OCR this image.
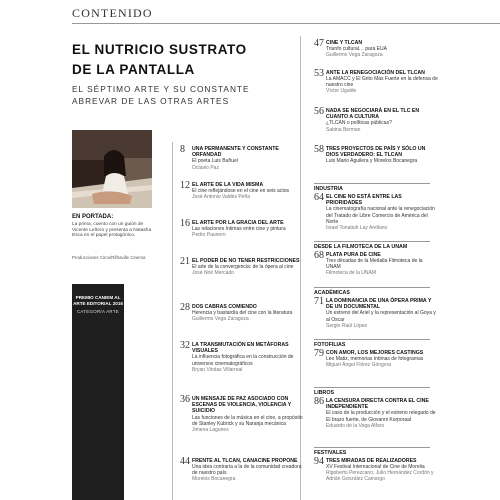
CONTENIDO
EL NUTRICIO SUSTRATO
DE LA PANTALLA
EL SÉPTIMO ARTE Y SU CONSTANTE
ABREVAR DE LAS OTRAS ARTES
EN PORTADA:
La prima, cuento con un guión de Vicente Leñero y presenta a Natasha Esca en el papel protagónico.
Producciones Circe/Rifhaville Cinema
PREMIO CANIEM AL ARTE EDITORIAL 2016
CATEGORÍA ARTE
8 UNA PERMANENTE Y CONSTANTE ORFANDAD
El poeta Luis Buñuel
Octavio Paz
12 EL ARTE DE LA VIDA MISMA
El cine reflejándose en el cine en seis actos
José Antonio Valdés Peña
16 EL ARTE POR LA GRACIA DEL ARTE
Las relaciones íntimas entre cine y pintura
Pedro Paunero
21 EL PODER DE NO TENER RESTRICCIONES
El arte de la convergencia: de la ópera al cine
José Noé Mercado
28 DOS CABRAS COMIENDO
Herencia y bastardía del cine con la literatura
Guillermo Vega Zaragoza
32 LA TRANSMUTACIÓN EN METÁFORAS VISUALES
La influencia fotográfica en la construcción de universos cinematográficos
Bryan Vindas Villarreal
36 UN MENSAJE DE PAZ ASOCIADO CON ESCENAS DE VIOLENCIA, VIOLENCIA Y SUICIDIO
Las funciones de la música en el cine, a propósito de Stanley Kubrick y su Naranja mecánica
Jimena Lagunes
44 FRENTE AL TLCAN, CANACINE PROPONE
Una idea contraria a la de la comunidad creadora de nuestro país
Morelos Bocanegra
47 CINE Y TLCAN
Triunfo cultural… para EUA
Guillermo Vega Zaragoza
53 ANTE LA RENEGOCIACIÓN DEL TLCAN
La AMACC y El Grito Más Fuerte en la defensa de nuestro cine
Víctor Ugalde
56 NADA SE NEGOCIARÁ EN EL TLC EN CUANTO A CULTURA
¿TLCAN o políticas públicas?
Sabina Berman
58 TRES PROYECTOS DE PAÍS Y SÓLO UN DIOS VERDADERO: EL TLCAN
Luis Mario Aguilera y Morelos Bocanegra
INDUSTRIA
64 EL CINE NO ESTÁ ENTRE LAS PRIORIDADES
La cinematografía nacional ante la renegociación del Tratado de Libre Comercio de América del Norte
Israel Tonatiuh Lay Arellano
DESDE LA FILMOTECA DE LA UNAM
68 PLATA PURA DE CINE
Tres décadas de la Medalla Filmoteca de la UNAM
Filmoteca de la UNAM
ACADÉMICAS
71 LA DOMINANCIA DE UNA ÓPERA PRIMA Y DE UN DOCUMENTAL
Un estreno del Ariel y la representación al Goya y al Oscar
Sergio Raúl López
FOTOFILIAS
79 CON AMOR, LOS MEJORES CASTINGS
Leo Matiz, memorias íntimas de fotogramas
Miguel Ángel Flórez Góngora
LIBROS
86 LA CENSURA DIRECTA CONTRA EL CINE INDEPENDIENTE
El caso de la producción y el estreno relegado de El brazo fuerte, de Giovanni Korporaal
Eduardo de la Vega Alfaro
FESTIVALES
94 TRES MIRADAS DE REALIZADORES
XV Festival Internacional de Cine de Morelia
Rigoberto Perezcano, Julio Hernández Cordón y Adrián González Camargo
